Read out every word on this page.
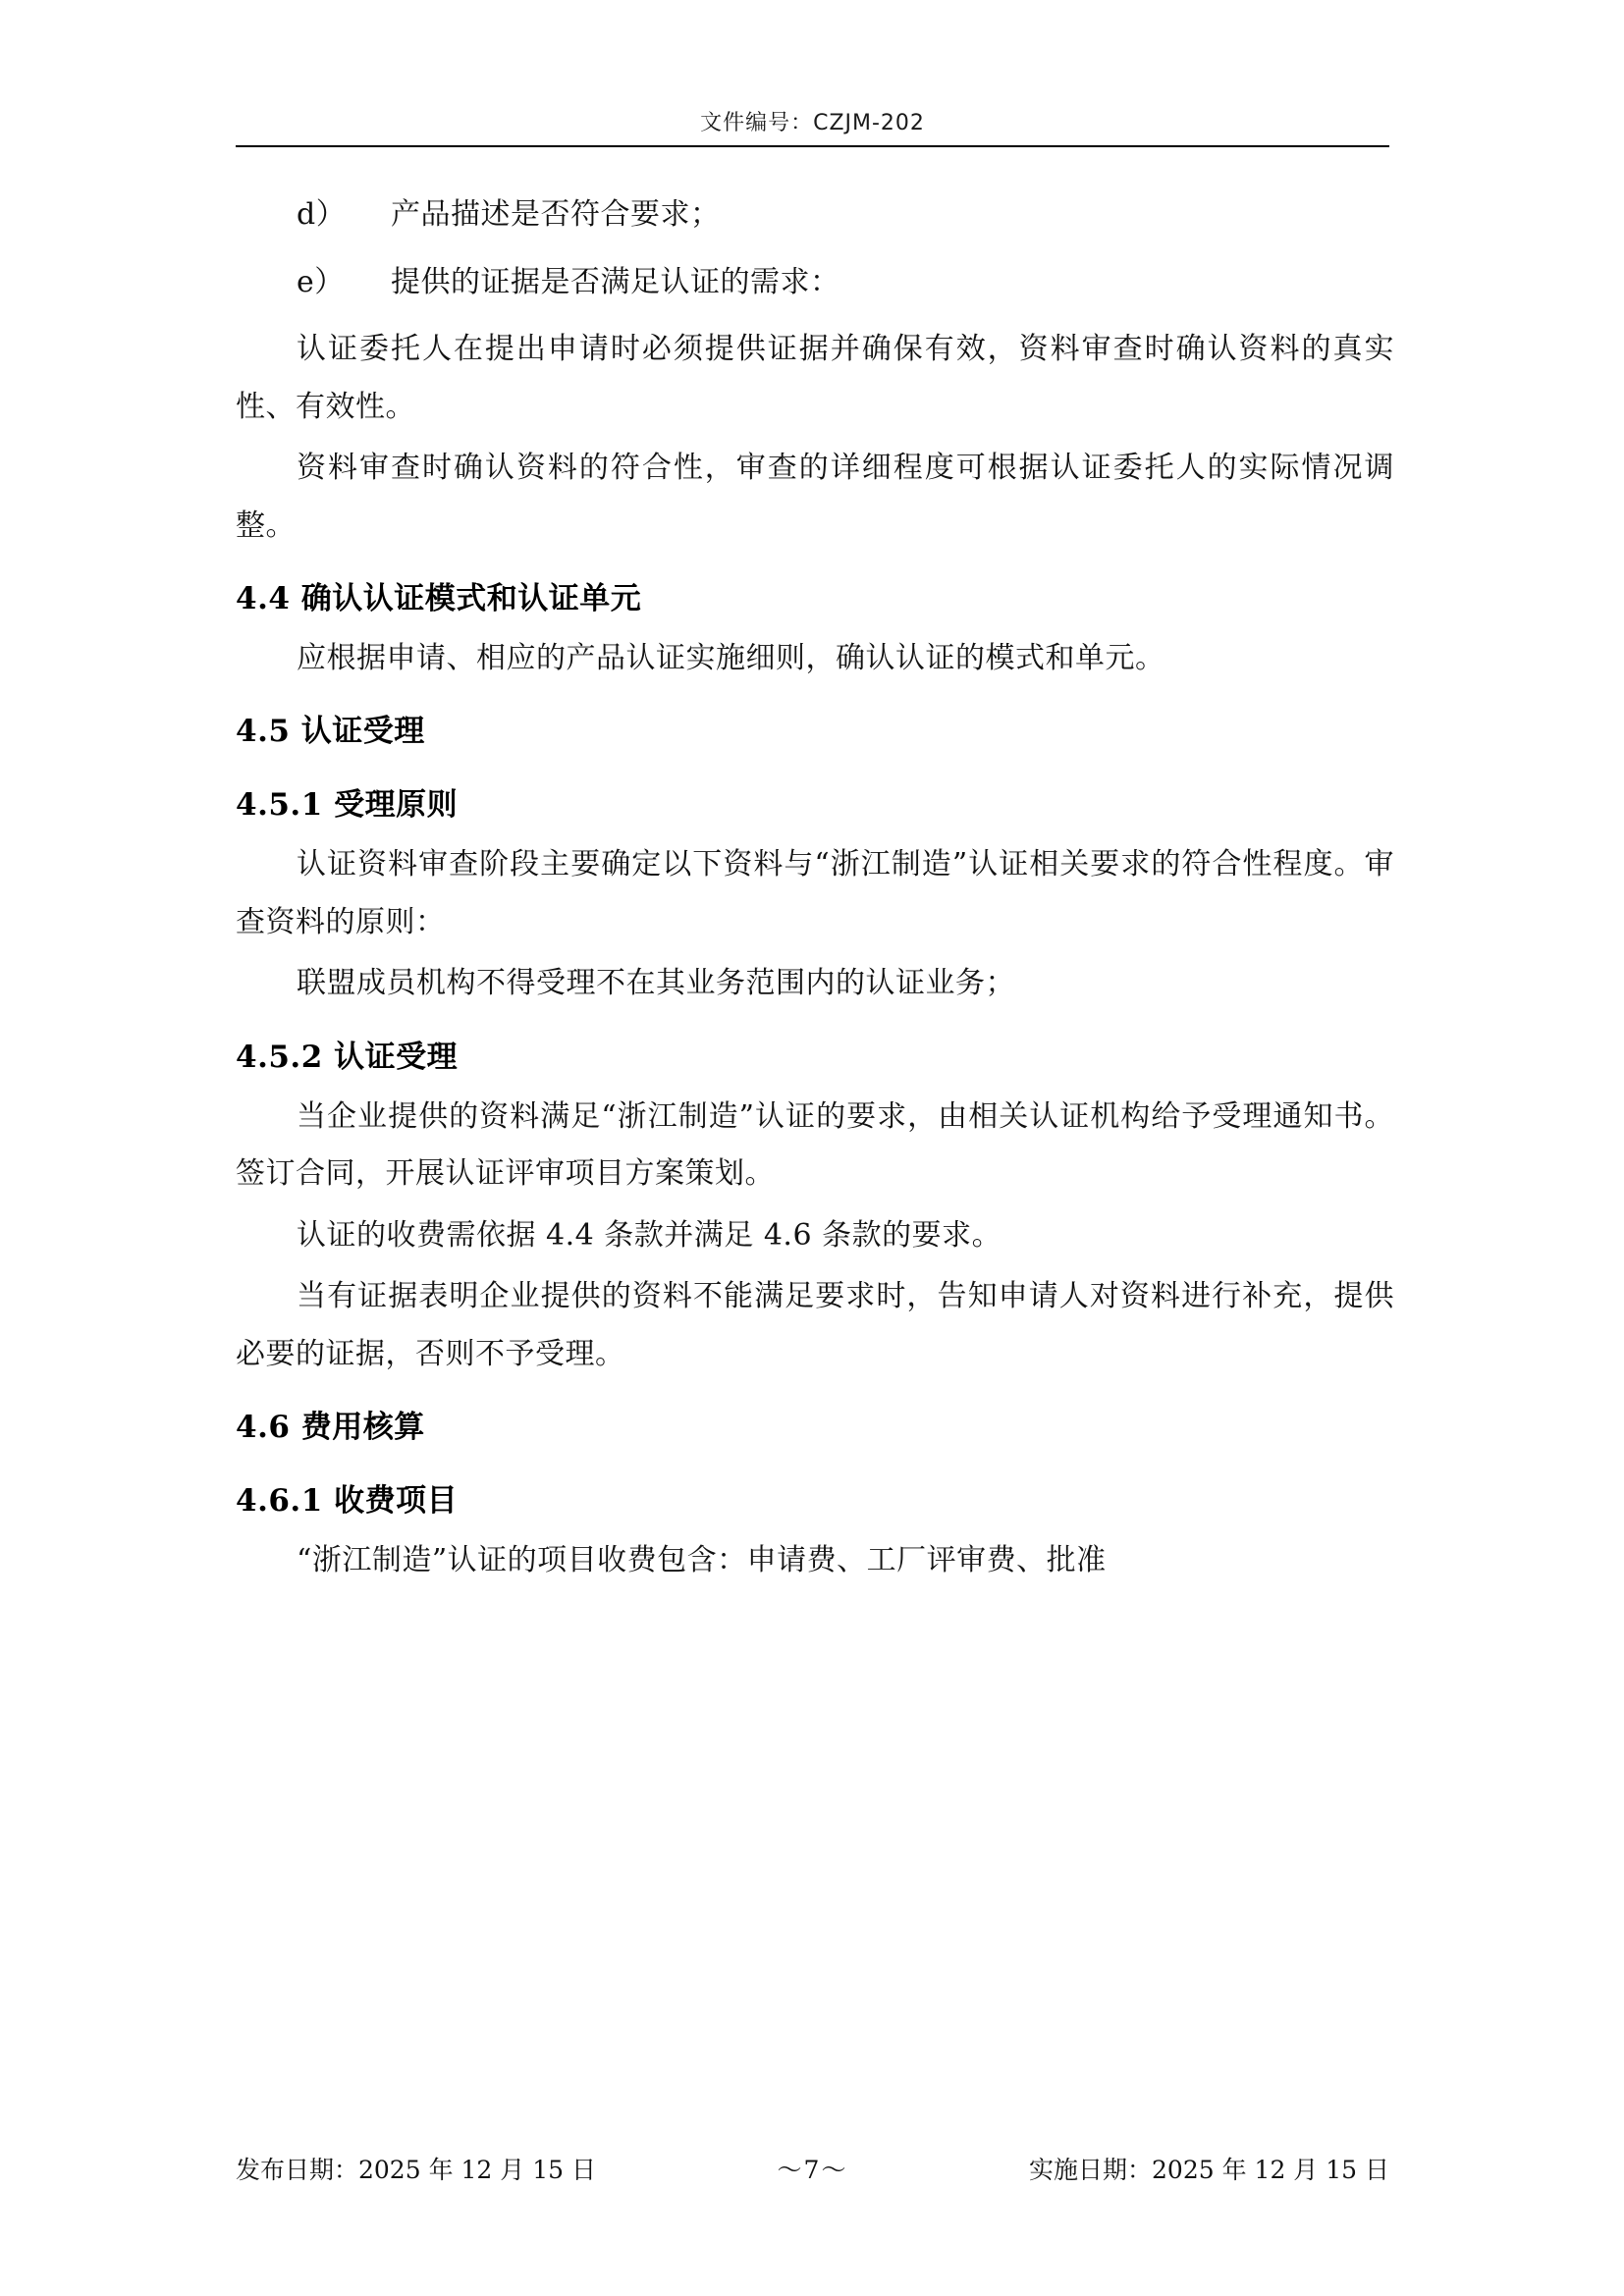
文件编号：CZJM-202
d） 产品描述是否符合要求；
e） 提供的证据是否满足认证的需求：

认证委托人在提出申请时必须提供证据并确保有效，资料审查时确认资料的真实性、有效性。

资料审查时确认资料的符合性，审查的详细程度可根据认证委托人的实际情况调整。

4.4 确认认证模式和认证单元

应根据申请、相应的产品认证实施细则，确认认证的模式和单元。

4.5 认证受理
4.5.1 受理原则

认证资料审查阶段主要确定以下资料与“浙江制造”认证相关要求的符合性程度。审查资料的原则：

联盟成员机构不得受理不在其业务范围内的认证业务；

4.5.2 认证受理

当企业提供的资料满足“浙江制造”认证的要求，由相关认证机构给予受理通知书。签订合同，开展认证评审项目方案策划。

认证的收费需依据 4.4 条款并满足 4.6 条款的要求。

当有证据表明企业提供的资料不能满足要求时，告知申请人对资料进行补充，提供必要的证据，否则不予受理。

4.6 费用核算
4.6.1 收费项目

“浙江制造”认证的项目收费包含：申请费、工厂评审费、批准

发布日期：2025 年 12 月 15 日	～7～	实施日期：2025 年 12 月 15 日
